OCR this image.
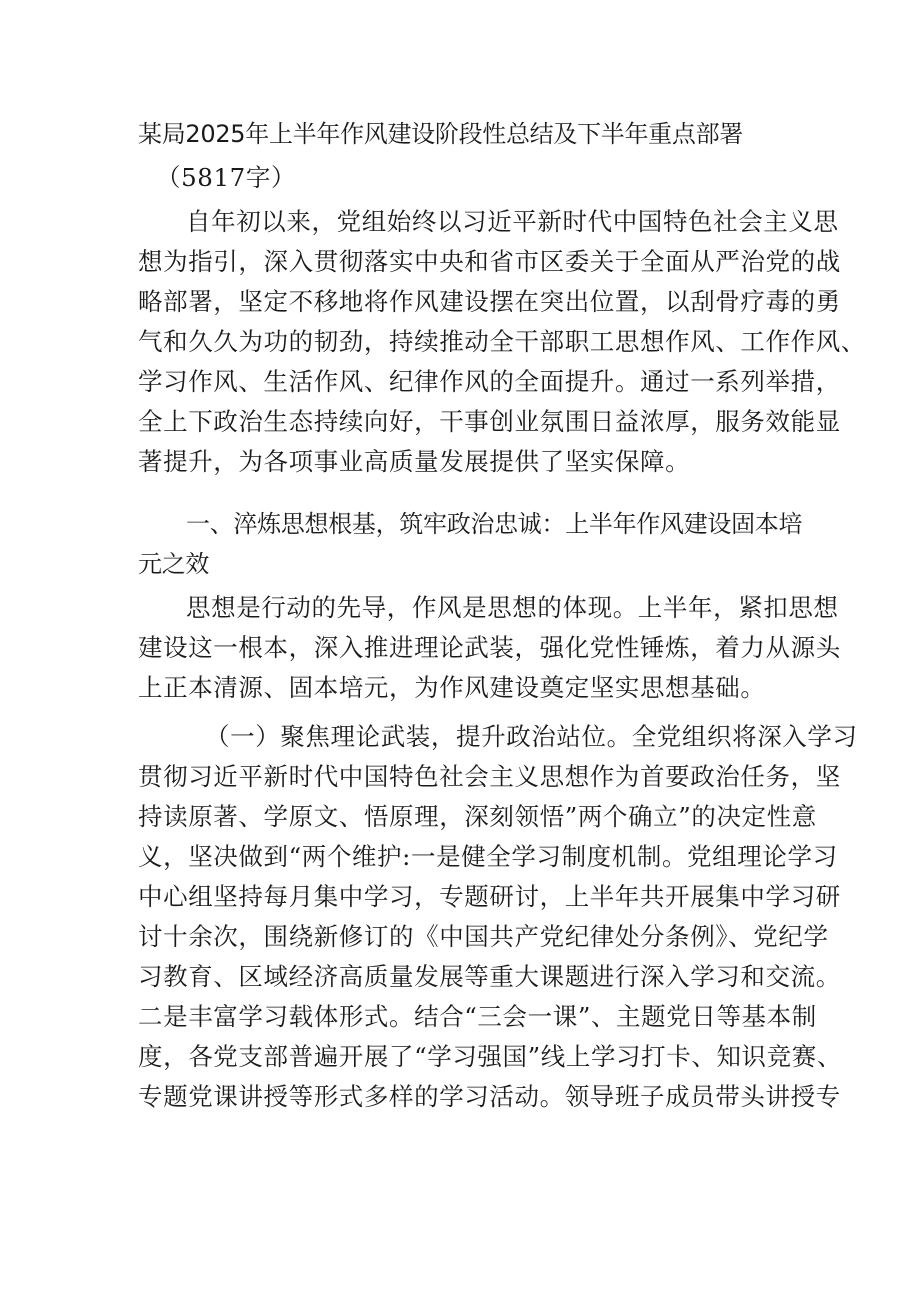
某局2025年上半年作风建设阶段性总结及下半年重点部署
（5817字）
自年初以来，党组始终以习近平新时代中国特色社会主义思
想为指引，深入贯彻落实中央和省市区委关于全面从严治党的战
略部署，坚定不移地将作风建设摆在突出位置，以刮骨疗毒的勇
气和久久为功的韧劲，持续推动全干部职工思想作风、工作作风、
学习作风、生活作风、纪律作风的全面提升。通过一系列举措，
全上下政治生态持续向好，干事创业氛围日益浓厚，服务效能显
著提升，为各项事业高质量发展提供了坚实保障。
一、淬炼思想根基，筑牢政治忠诚：上半年作风建设固本培
元之效
思想是行动的先导，作风是思想的体现。上半年，紧扣思想
建设这一根本，深入推进理论武装，强化党性锤炼，着力从源头
上正本清源、固本培元，为作风建设奠定坚实思想基础。
（一）聚焦理论武装，提升政治站位。全党组织将深入学习
贯彻习近平新时代中国特色社会主义思想作为首要政治任务，坚
持读原著、学原文、悟原理，深刻领悟”两个确立”的决定性意
义，坚决做到“两个维护:一是健全学习制度机制。党组理论学习
中心组坚持每月集中学习，专题研讨，上半年共开展集中学习研
讨十余次，围绕新修订的《中国共产党纪律处分条例》、党纪学
习教育、区域经济高质量发展等重大课题进行深入学习和交流。
二是丰富学习载体形式。结合“三会一课”、主题党日等基本制
度，各党支部普遍开展了“学习强国”线上学习打卡、知识竞赛、
专题党课讲授等形式多样的学习活动。领导班子成员带头讲授专
